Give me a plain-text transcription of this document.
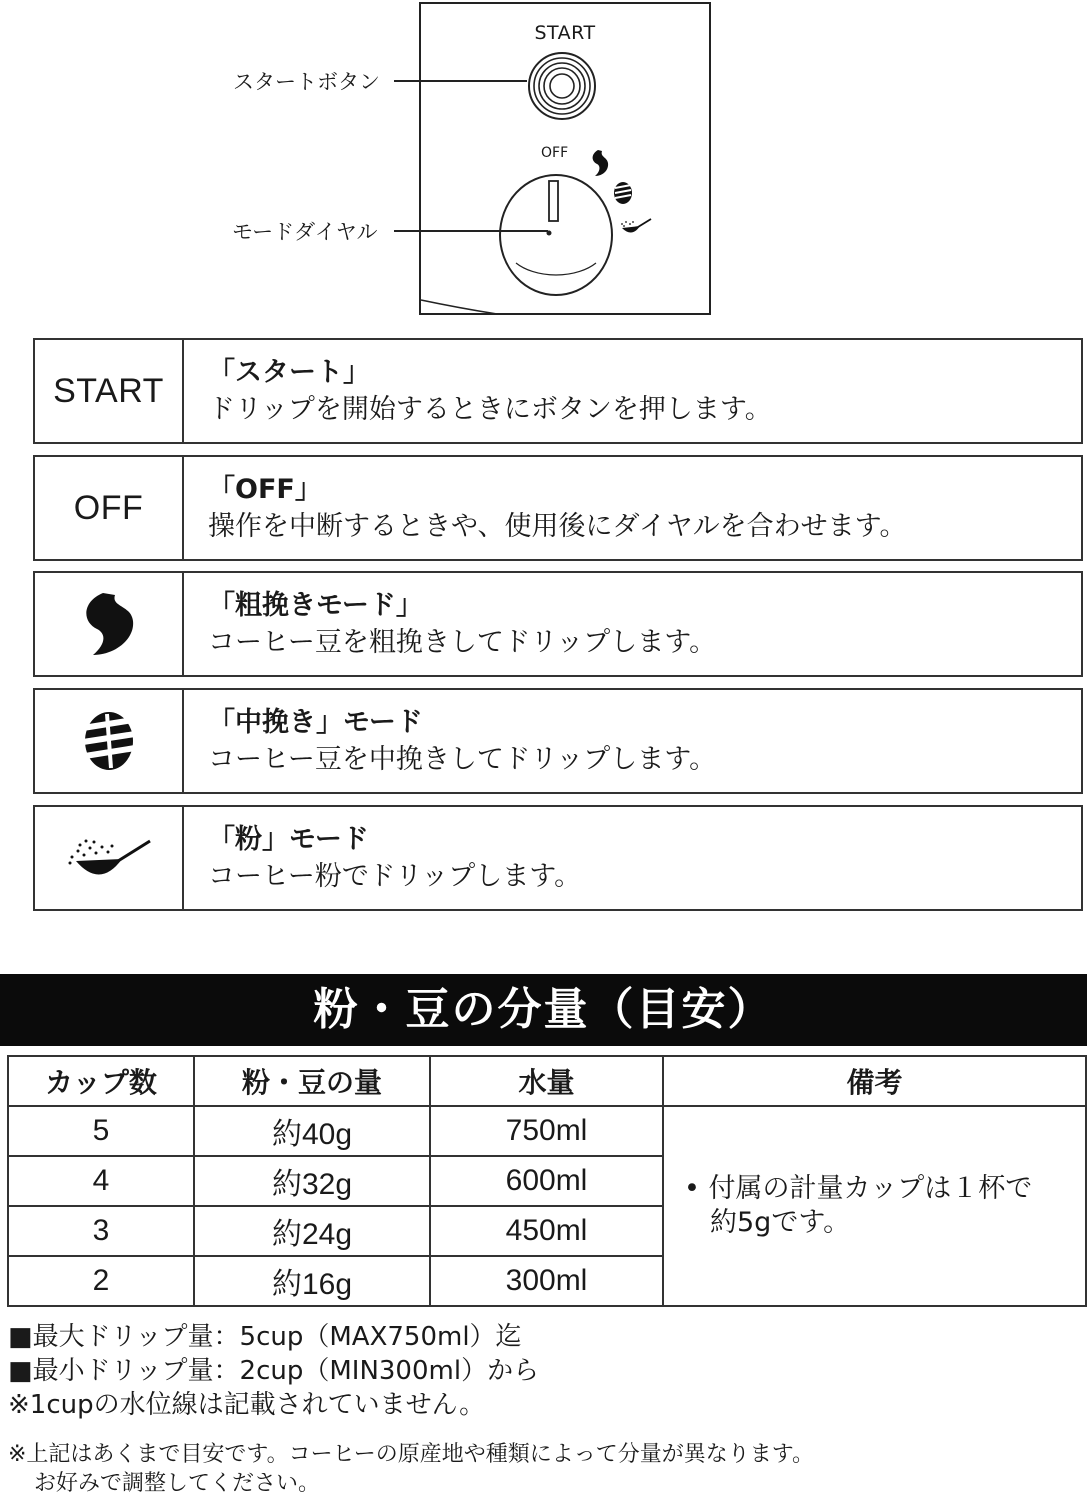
START
OFF
スタートボタン
モードダイヤル
START	「スタート」
ドリップを開始するときにボタンを押します。
OFF	「OFF」
操作を中断するときや、使用後にダイヤルを合わせます。
「粗挽きモード」
コーヒー豆を粗挽きしてドリップします。
「中挽き」モード
コーヒー豆を中挽きしてドリップします。
「粉」モード
コーヒー粉でドリップします。
粉・豆の分量（目安）
カップ数	粉・豆の量	水量	備考
5	約40g	750ml	• 付属の計量カップは１杯で
約5gです。

4	約32g	600ml	
3	約24g	450ml	
2	約16g	300ml	
■最大ドリップ量：5cup（MAX750ml）迄
■最小ドリップ量：2cup（MIN300ml）から
※1cupの水位線は記載されていません。
※上記はあくまで目安です。コーヒーの原産地や種類によって分量が異なります。
お好みで調整してください。
